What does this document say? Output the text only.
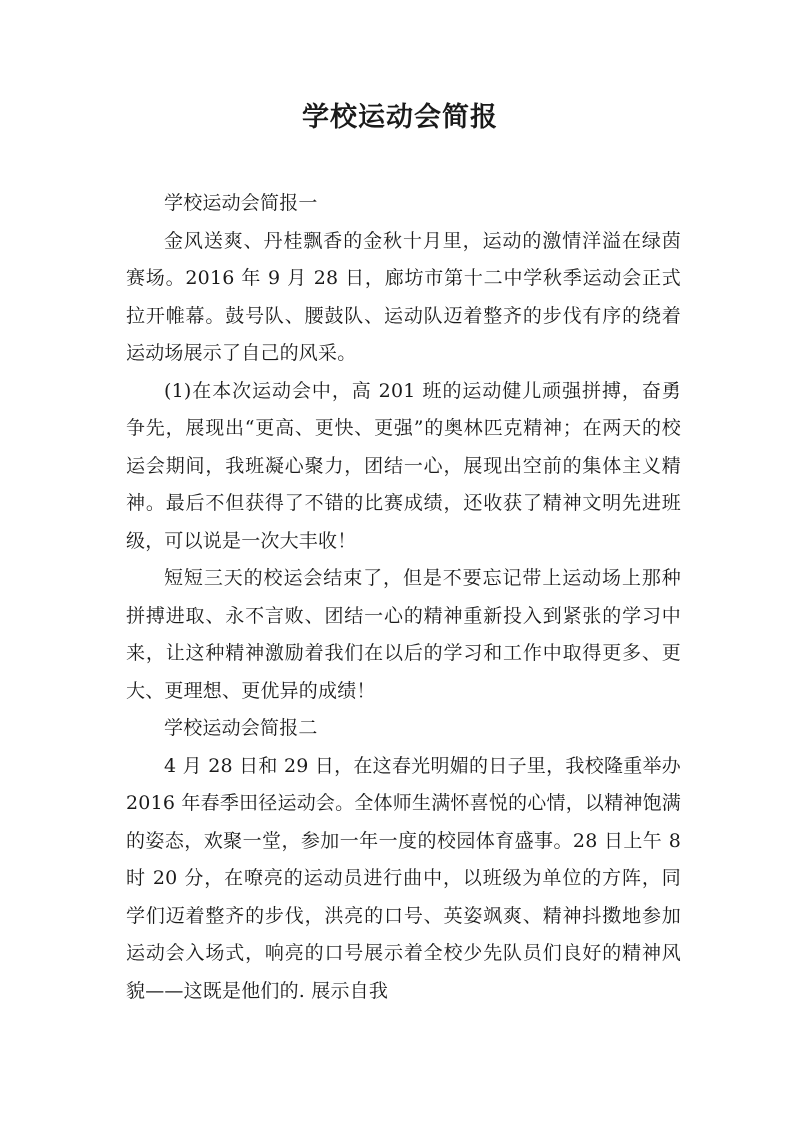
学校运动会简报

学校运动会简报一

金风送爽、丹桂飘香的金秋十月里，运动的激情洋溢在绿茵赛场。2016 年 9 月 28 日，廊坊市第十二中学秋季运动会正式拉开帷幕。鼓号队、腰鼓队、运动队迈着整齐的步伐有序的绕着运动场展示了自己的风采。

(1)在本次运动会中，高 201 班的运动健儿顽强拼搏，奋勇争先，展现出“更高、更快、更强”的奥林匹克精神；在两天的校运会期间，我班凝心聚力，团结一心，展现出空前的集体主义精神。最后不但获得了不错的比赛成绩，还收获了精神文明先进班级，可以说是一次大丰收！

短短三天的校运会结束了，但是不要忘记带上运动场上那种拼搏进取、永不言败、团结一心的精神重新投入到紧张的学习中来，让这种精神激励着我们在以后的学习和工作中取得更多、更大、更理想、更优异的成绩！

学校运动会简报二

4 月 28 日和 29 日，在这春光明媚的日子里，我校隆重举办 2016 年春季田径运动会。全体师生满怀喜悦的心情，以精神饱满的姿态，欢聚一堂，参加一年一度的校园体育盛事。28 日上午 8 时 20 分，在嘹亮的运动员进行曲中，以班级为单位的方阵，同学们迈着整齐的步伐，洪亮的口号、英姿飒爽、精神抖擞地参加运动会入场式，响亮的口号展示着全校少先队员们良好的精神风貌——这既是他们的. 展示自我
